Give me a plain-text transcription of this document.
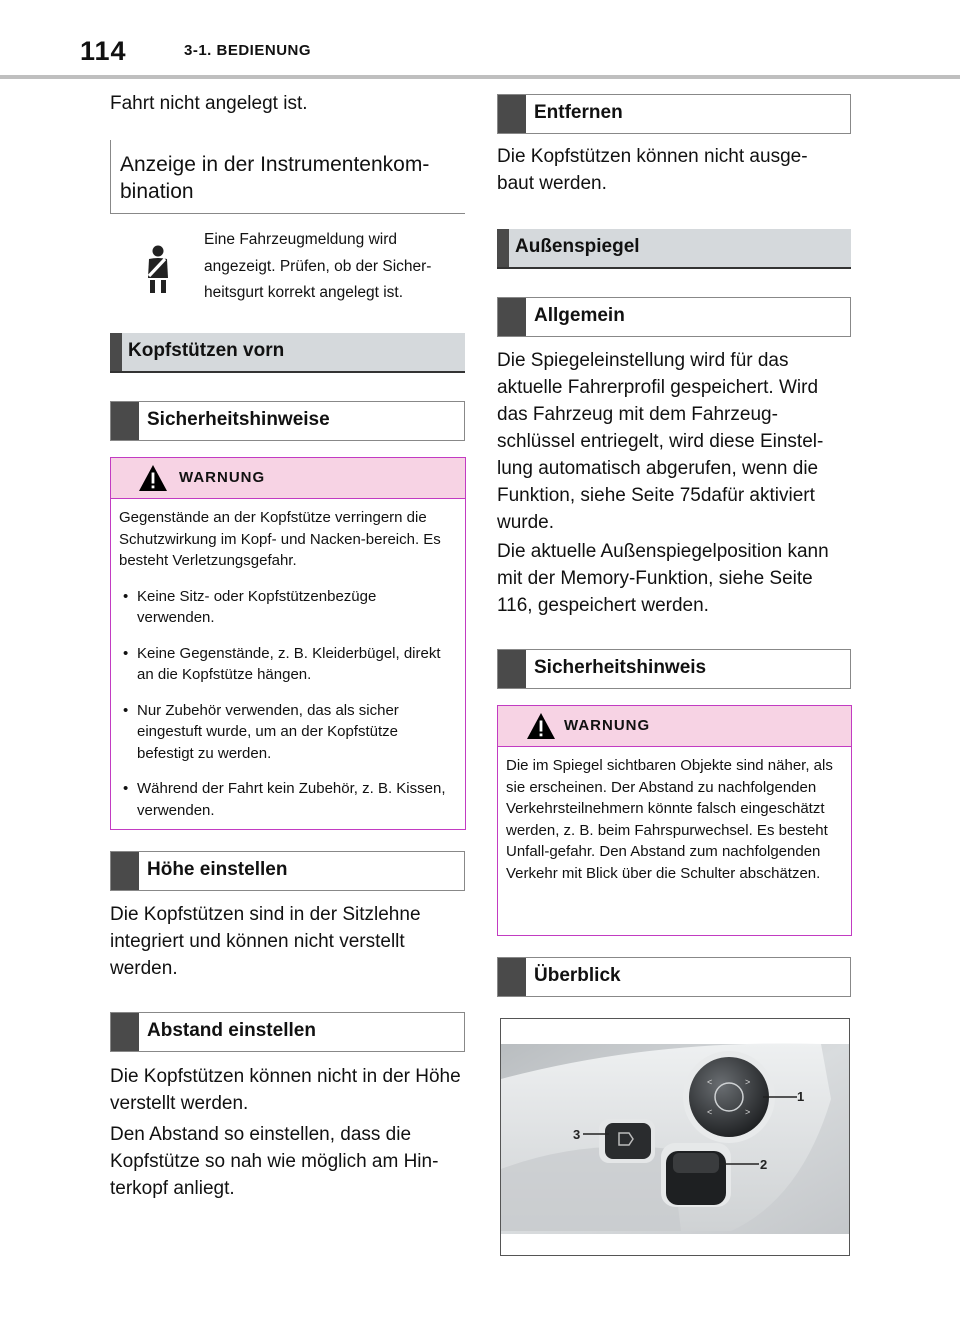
114	3-1. BEDIENUNG

Fahrt nicht angelegt ist.

Anzeige in der Instrumentenkom-
bination
Eine Fahrzeugmeldung wird
angezeigt. Prüfen, ob der Sicher-
heitsgurt korrekt angelegt ist.
Kopfstützen vorn
Sicherheitshinweise
WARNUNG

Gegenstände an der Kopfstütze verringern die Schutzwirkung im Kopf- und Nacken-bereich. Es besteht Verletzungsgefahr.

• Keine Sitz- oder Kopfstützenbezüge verwenden.
• Keine Gegenstände, z. B. Kleiderbügel, direkt an die Kopfstütze hängen.
• Nur Zubehör verwenden, das als sicher eingestuft wurde, um an der Kopfstütze befestigt zu werden.
• Während der Fahrt kein Zubehör, z. B. Kissen, verwenden.
Höhe einstellen

Die Kopfstützen sind in der Sitzlehne integriert und können nicht verstellt werden.

Abstand einstellen

Die Kopfstützen können nicht in der Höhe verstellt werden.

Den Abstand so einstellen, dass die Kopfstütze so nah wie möglich am Hin-terkopf anliegt.

Entfernen

Die Kopfstützen können nicht ausge-baut werden.

Außenspiegel
Allgemein

Die Spiegeleinstellung wird für das aktuelle Fahrerprofil gespeichert. Wird das Fahrzeug mit dem Fahrzeug-schlüssel entriegelt, wird diese Einstel-lung automatisch abgerufen, wenn die Funktion, siehe Seite 75dafür aktiviert wurde.

Die aktuelle Außenspiegelposition kann mit der Memory-Funktion, siehe Seite 116, gespeichert werden.

Sicherheitshinweis
WARNUNG

Die im Spiegel sichtbaren Objekte sind näher, als sie erscheinen. Der Abstand zu nachfolgenden Verkehrsteilnehmern könnte falsch eingeschätzt werden, z. B. beim Fahrspurwechsel. Es besteht Unfall-gefahr. Den Abstand zum nachfolgenden Verkehr mit Blick über die Schulter abschätzen.

Überblick
<	>
<	>
1
2
3
